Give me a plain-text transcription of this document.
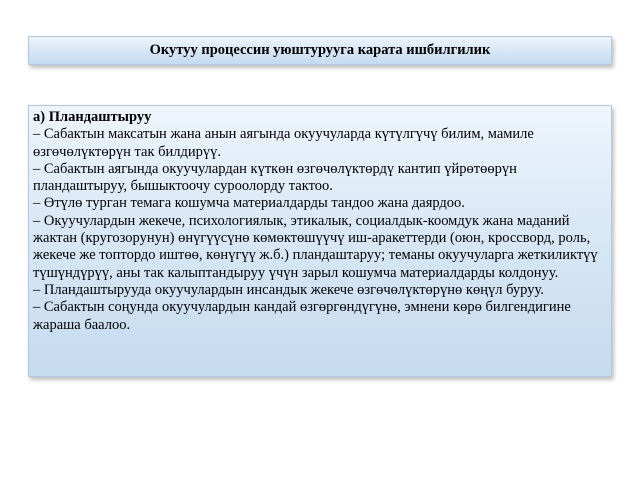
Окутуу процессин уюштурууга карата ишбилгилик

а) Пландаштыруу

– Сабактын максатын жана анын аягында окуучуларда күтүлгүчү билим, мамиле өзгөчөлүктөрүн так билдирүү.

– Сабактын аягында окуучулардан күткөн өзгөчөлүктөрдү кантип үйрөтөөрүн пландаштыруу, бышыктоочу суроолорду тактоо.

– Өтүлө турган темага кошумча материалдарды тандоо жана даярдоо.

– Окуучулардын жекече, психологиялык, этикалык, социалдык-коомдук жана маданий жактан (кругозорунун) өнүгүүсүнө көмөктөшүүчү иш-аракеттерди (оюн, кроссворд, роль, жекече же топтордо иштөө, көнүгүү ж.б.) пландаштаруу; теманы окуучуларга жеткиликтүү түшүндүрүү, аны так калыптандыруу үчүн зарыл кошумча материалдарды колдонуу.

– Пландаштырууда окуучулардын инсандык жекече өзгөчөлүктөрүнө көңүл буруу.

– Сабактын соңунда окуучулардын кандай өзгөргөндүгүнө, эмнени көрө билгендигине жараша баалоо.
